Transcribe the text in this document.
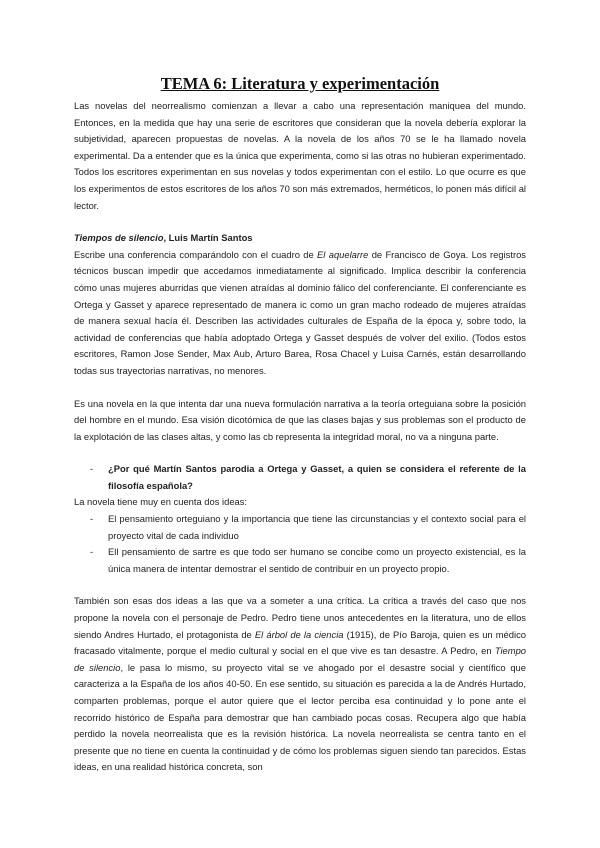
TEMA 6: Literatura y experimentación

Las novelas del neorrealismo comienzan a llevar a cabo una representación maniquea del mundo. Entonces, en la medida que hay una serie de escritores que consideran que la novela debería explorar la subjetividad, aparecen propuestas de novelas. A la novela de los años 70 se le ha llamado novela experimental. Da a entender que es la única que experimenta, como si las otras no hubieran experimentado. Todos los escritores experimentan en sus novelas y todos experimentan con el estilo. Lo que ocurre es que los experimentos de estos escritores de los años 70 son más extremados, herméticos, lo ponen más difícil al lector.

Tiempos de silencio, Luis Martín Santos

Escribe una conferencia comparándolo con el cuadro de El aquelarre de Francisco de Goya. Los registros técnicos buscan impedir que accedamos inmediatamente al significado. Implica describir la conferencia cómo unas mujeres aburridas que vienen atraídas al dominio fálico del conferenciante. El conferenciante es Ortega y Gasset y aparece representado de manera ic como un gran macho rodeado de mujeres atraídas de manera sexual hacía él. Describen las actividades culturales de España de la época y, sobre todo, la actividad de conferencias que había adoptado Ortega y Gasset después de volver del exilio. (Todos estos escritores, Ramon Jose Sender, Max Aub, Arturo Barea, Rosa Chacel y Luisa Carnés, están desarrollando todas sus trayectorias narrativas, no menores.

Es una novela en la que intenta dar una nueva formulación narrativa a la teoría orteguiana sobre la posición del hombre en el mundo. Esa visión dicotómica de que las clases bajas y sus problemas son el producto de la explotación de las clases altas, y como las cb representa la integridad moral, no va a ninguna parte.

- ¿Por qué Martín Santos parodia a Ortega y Gasset, a quien se considera el referente de la filosofía española?

La novela tiene muy en cuenta dos ideas:

- El pensamiento orteguiano y la importancia que tiene las circunstancias y el contexto social para el proyecto vital de cada individuo
- Ell pensamiento de sartre es que todo ser humano se concibe como un proyecto existencial, es la única manera de intentar demostrar el sentido de contribuir en un proyecto propio.

También son esas dos ideas a las que va a someter a una crítica. La crítica a través del caso que nos propone la novela con el personaje de Pedro. Pedro tiene unos antecedentes en la literatura, uno de ellos siendo Andres Hurtado, el protagonista de El árbol de la ciencia (1915), de Pío Baroja, quien es un médico fracasado vitalmente, porque el medio cultural y social en el que vive es tan desastre. A Pedro, en Tiempo de silencio, le pasa lo mismo, su proyecto vital se ve ahogado por el desastre social y científico que caracteriza a la España de los años 40-50. En ese sentido, su situación es parecida a la de Andrés Hurtado, comparten problemas, porque el autor quiere que el lector perciba esa continuidad y lo pone ante el recorrido histórico de España para demostrar que han cambiado pocas cosas. Recupera algo que había perdido la novela neorrealista que es la revisión histórica. La novela neorrealista se centra tanto en el presente que no tiene en cuenta la continuidad y de cómo los problemas siguen siendo tan parecidos. Estas ideas, en una realidad histórica concreta, son
